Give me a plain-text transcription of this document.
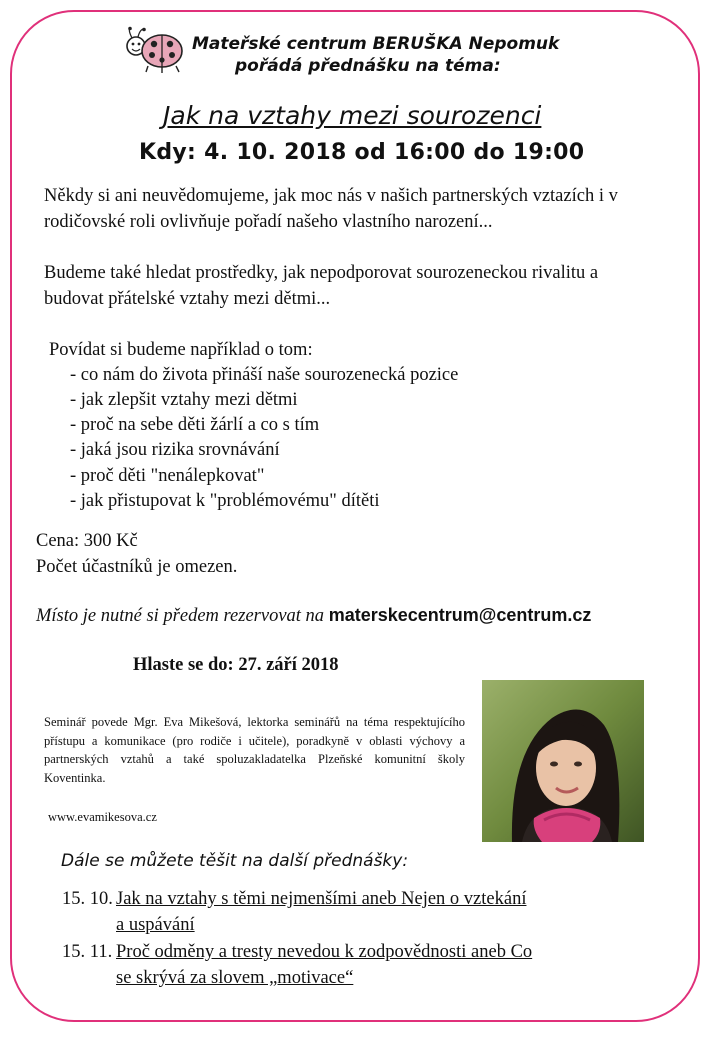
Mateřské centrum BERUŠKA Nepomuk
pořádá přednášku na téma:
Jak na vztahy mezi sourozenci
Kdy: 4. 10. 2018 od 16:00 do 19:00
Někdy si ani neuvědomujeme, jak moc nás v našich partnerských vztazích i v rodičovské roli ovlivňuje pořadí našeho vlastního narození...
Budeme také hledat prostředky, jak nepodporovat sourozeneckou rivalitu a budovat přátelské vztahy mezi dětmi...
Povídat si budeme například o tom:
- co nám do života přináší naše sourozenecká pozice
- jak zlepšit vztahy mezi dětmi
- proč na sebe děti žárlí a co s tím
- jaká jsou rizika srovnávání
- proč děti "nenálepkovat"
- jak přistupovat k "problémovému" dítěti
Cena: 300 Kč
Počet účastníků je omezen.
Místo je nutné si předem rezervovat na materskecentrum@centrum.cz
Hlaste se do: 27. září 2018
Seminář povede Mgr. Eva Mikešová, lektorka seminářů na téma respektujícího přístupu a komunikace (pro rodiče i učitele), poradkyně v oblasti výchovy a partnerských vztahů a také spoluzakladatelka Plzeňské komunitní školy Koventinka.
www.evamikesova.cz
Dále se můžete těšit na další přednášky:
15. 10. Jak na vztahy s těmi nejmenšími aneb Nejen o vztekání
a uspávání
15. 11. Proč odměny a tresty nevedou k zodpovědnosti aneb Co
se skrývá za slovem „motivace“
